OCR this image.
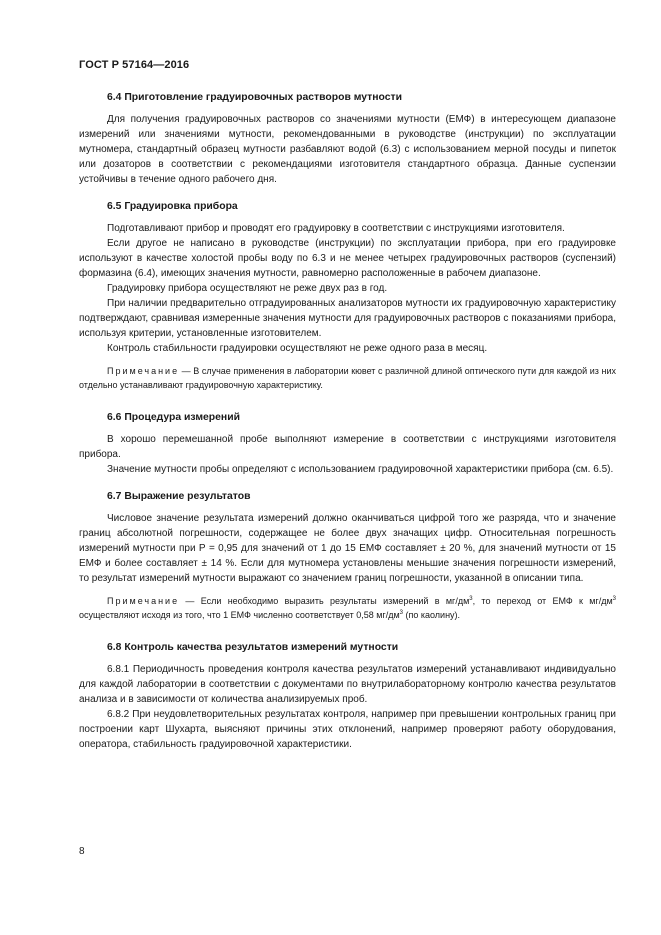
ГОСТ Р 57164—2016

6.4 Приготовление градуировочных растворов мутности

Для получения градуировочных растворов со значениями мутности (ЕМФ) в интересующем диапазоне измерений или значениями мутности, рекомендованными в руководстве (инструкции) по эксплуатации мутномера, стандартный образец мутности разбавляют водой (6.3) с использованием мерной посуды и пипеток или дозаторов в соответствии с рекомендациями изготовителя стандартного образца. Данные суспензии устойчивы в течение одного рабочего дня.

6.5 Градуировка прибора

Подготавливают прибор и проводят его градуировку в соответствии с инструкциями изготовителя.

Если другое не написано в руководстве (инструкции) по эксплуатации прибора, при его градуировке используют в качестве холостой пробы воду по 6.3 и не менее четырех градуировочных растворов (суспензий) формазина (6.4), имеющих значения мутности, равномерно расположенные в рабочем диапазоне.

Градуировку прибора осуществляют не реже двух раз в год.

При наличии предварительно отградуированных анализаторов мутности их градуировочную характеристику подтверждают, сравнивая измеренные значения мутности для градуировочных растворов с показаниями прибора, используя критерии, установленные изготовителем.

Контроль стабильности градуировки осуществляют не реже одного раза в месяц.

Примечание — В случае применения в лаборатории кювет с различной длиной оптического пути для каждой из них отдельно устанавливают градуировочную характеристику.

6.6 Процедура измерений

В хорошо перемешанной пробе выполняют измерение в соответствии с инструкциями изготовителя прибора.

Значение мутности пробы определяют с использованием градуировочной характеристики прибора (см. 6.5).

6.7 Выражение результатов

Числовое значение результата измерений должно оканчиваться цифрой того же разряда, что и значение границ абсолютной погрешности, содержащее не более двух значащих цифр. Относительная погрешность измерений мутности при Р = 0,95 для значений от 1 до 15 ЕМФ составляет ± 20 %, для значений мутности от 15 ЕМФ и более составляет ± 14 %. Если для мутномера установлены меньшие значения погрешности измерений, то результат измерений мутности выражают со значением границ погрешности, указанной в описании типа.

Примечание — Если необходимо выразить результаты измерений в $мг/дм^3$, то переход от ЕМФ к $мг/дм^3$ осуществляют исходя из того, что 1 ЕМФ численно соответствует 0,58 $мг/дм^3$ (по каолину).

6.8 Контроль качества результатов измерений мутности

6.8.1 Периодичность проведения контроля качества результатов измерений устанавливают индивидуально для каждой лаборатории в соответствии с документами по внутрилабораторному контролю качества результатов анализа и в зависимости от количества анализируемых проб.

6.8.2 При неудовлетворительных результатах контроля, например при превышении контрольных границ при построении карт Шухарта, выясняют причины этих отклонений, например проверяют работу оборудования, оператора, стабильность градуировочной характеристики.

8
